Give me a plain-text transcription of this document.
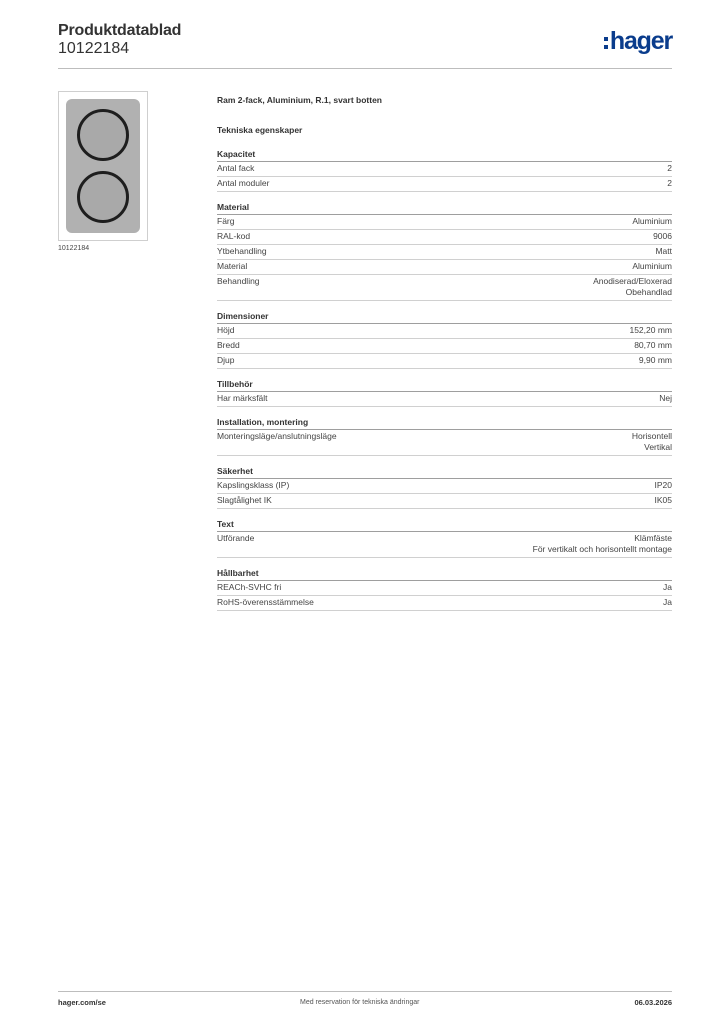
Produktdatablad
10122184	hager
10122184
Ram 2-fack, Aluminium, R.1, svart botten
Tekniska egenskaper
Kapacitet
Antal fack	2
Antal moduler	2
Material
Färg	Aluminium
RAL-kod	9006
Ytbehandling	Matt
Material	Aluminium
Behandling	Anodiserad/Eloxerad
Obehandlad
Dimensioner
Höjd	152,20 mm
Bredd	80,70 mm
Djup	9,90 mm
Tillbehör
Har märksfält	Nej
Installation, montering
Monteringsläge/anslutningsläge	Horisontell
Vertikal
Säkerhet
Kapslingsklass (IP)	IP20
Slagtålighet IK	IK05
Text
Utförande	Klämfäste
För vertikalt och horisontellt montage
Hållbarhet
REACh-SVHC fri	Ja
RoHS-överensstämmelse	Ja
hager.com/se	Med reservation för tekniska ändringar	06.03.2026
